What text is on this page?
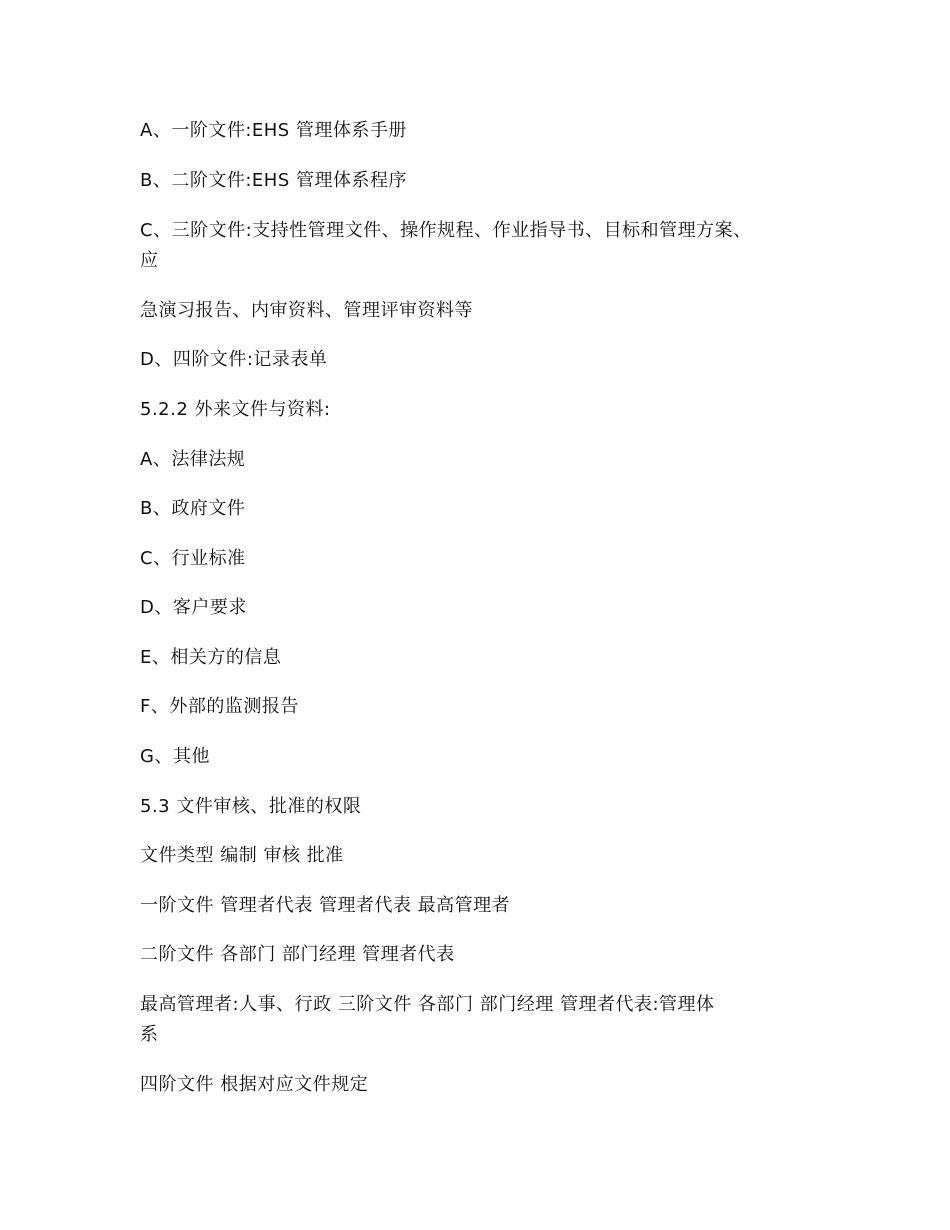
A、一阶文件:EHS 管理体系手册
B、二阶文件:EHS 管理体系程序
C、三阶文件:支持性管理文件、操作规程、作业指导书、目标和管理方案、
应
急演习报告、内审资料、管理评审资料等
D、四阶文件:记录表单
5.2.2 外来文件与资料:
A、法律法规
B、政府文件
C、行业标准
D、客户要求
E、相关方的信息
F、外部的监测报告
G、其他
5.3 文件审核、批准的权限
文件类型 编制 审核 批准
一阶文件 管理者代表 管理者代表 最高管理者
二阶文件 各部门 部门经理 管理者代表
最高管理者:人事、行政 三阶文件 各部门 部门经理 管理者代表:管理体
系
四阶文件 根据对应文件规定
